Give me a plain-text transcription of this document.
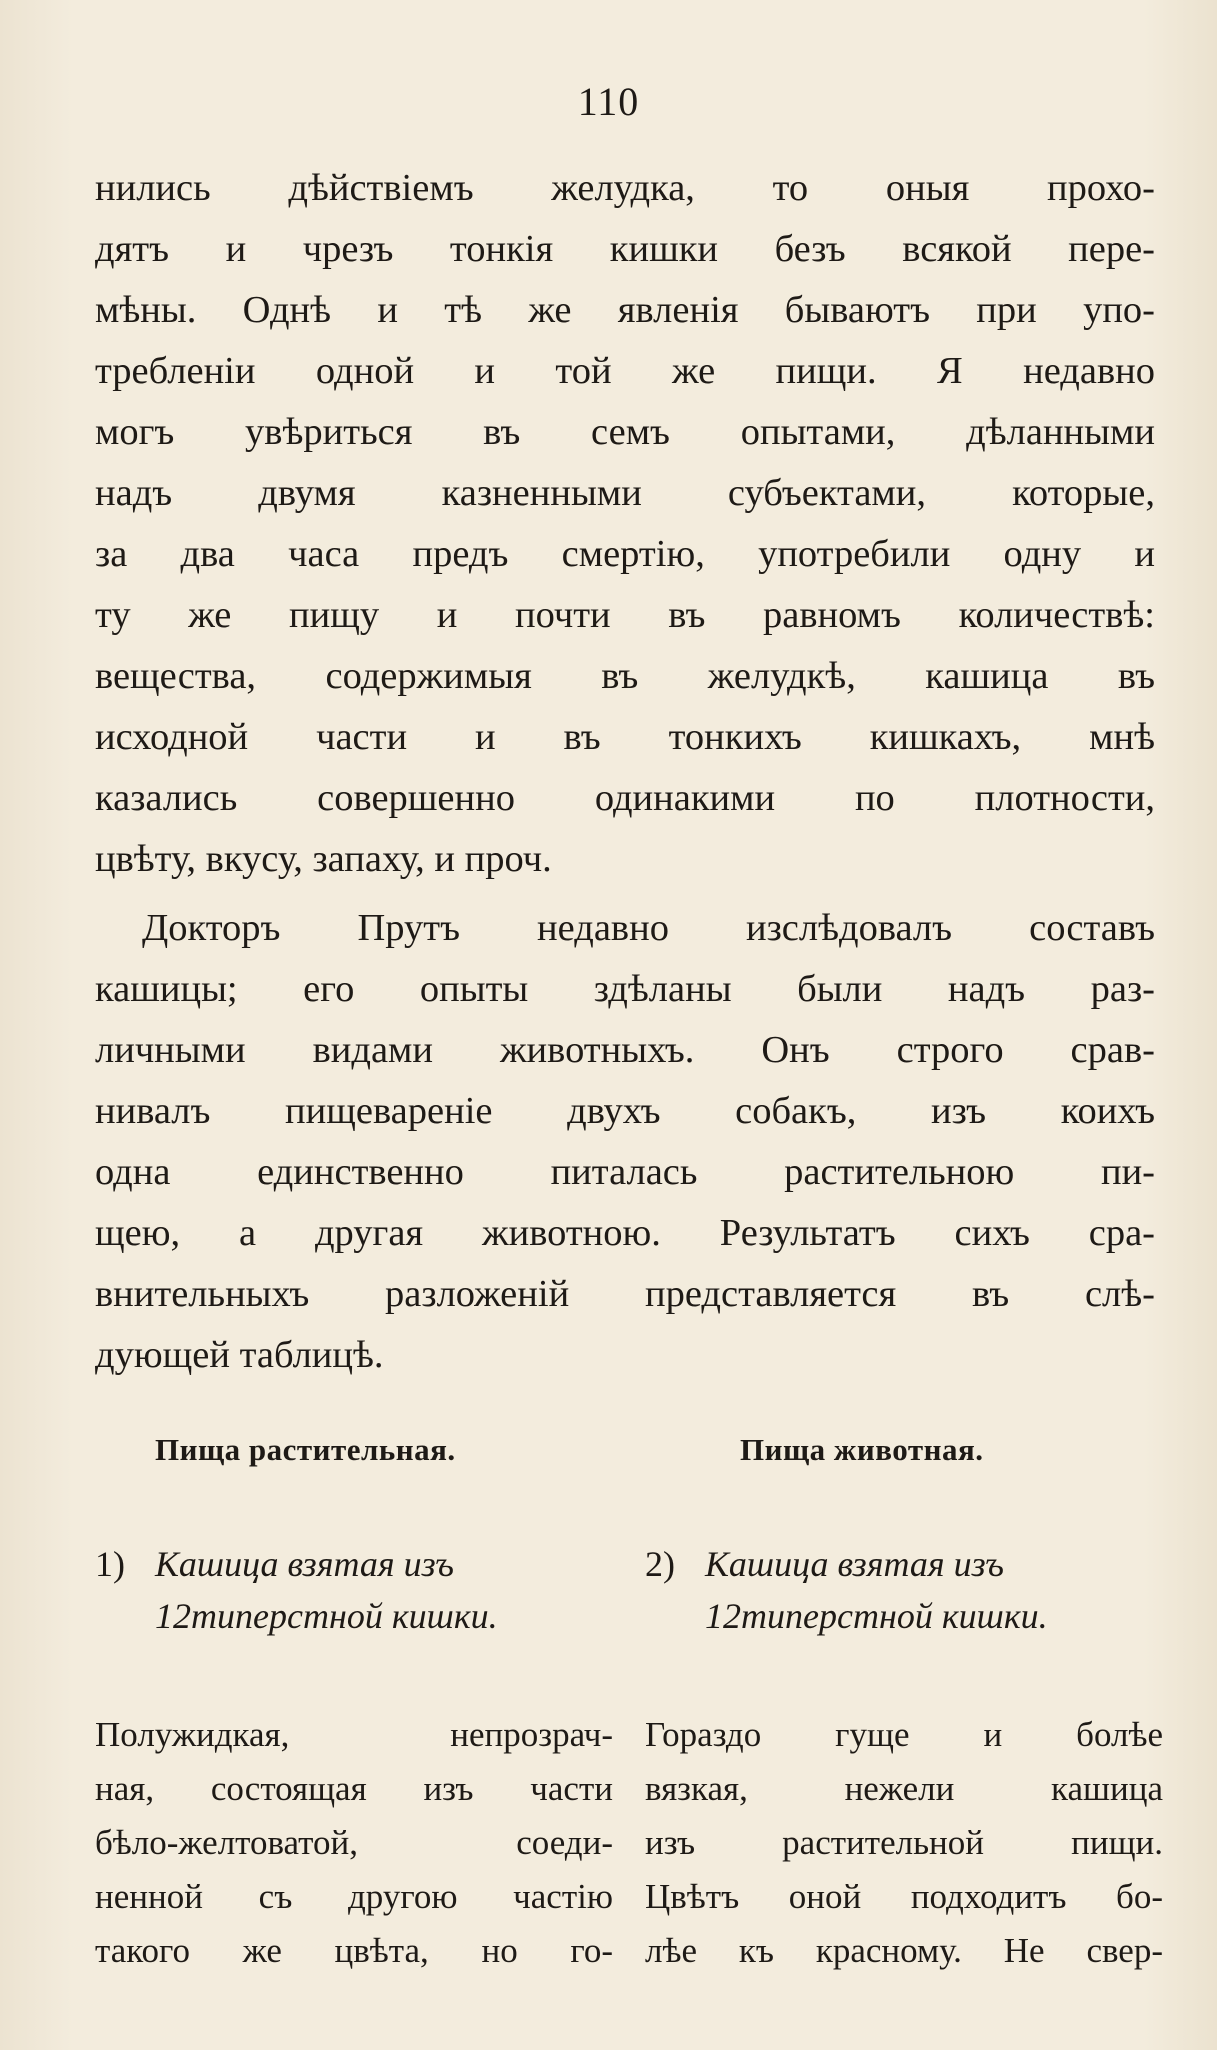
110
нились дѣйствіемъ желудка, то оныя прохо-
дятъ и чрезъ тонкія кишки безъ всякой пере-
мѣны. Однѣ и тѣ же явленія бываютъ при упо-
требленіи одной и той же пищи. Я недавно
могъ увѣриться въ семъ опытами, дѣланными
надъ двумя казненными субъектами, которые,
за два часа предъ смертію, употребили одну и
ту же пищу и почти въ равномъ количествѣ:
вещества, содержимыя въ желудкѣ, кашица въ
исходной части и въ тонкихъ кишкахъ, мнѣ
казались совершенно одинакими по плотности,
цвѣту, вкусу, запаху, и проч.
Докторъ Прутъ недавно изслѣдовалъ составъ
кашицы; его опыты здѣланы были надъ раз-
личными видами животныхъ. Онъ строго срав-
нивалъ пищевареніе двухъ собакъ, изъ коихъ
одна единственно питалась растительною пи-
щею, а другая животною. Результатъ сихъ сра-
внительныхъ разложеній представляется въ слѣ-
дующей таблицѣ.
Пища растительная.	Пища животная.
1) Кашица взятая изъ
12типерстной кишки.
2) Кашица взятая изъ
12типерстной кишки.
Полужидкая, непрозрач-
ная, состоящая изъ части
бѣло-желтоватой, соеди-
ненной съ другою частію
такого же цвѣта, но го-
Гораздо гуще и болѣе
вязкая, нежели кашица
изъ растительной пищи.
Цвѣтъ оной подходитъ бо-
лѣе къ красному. Не свер-
